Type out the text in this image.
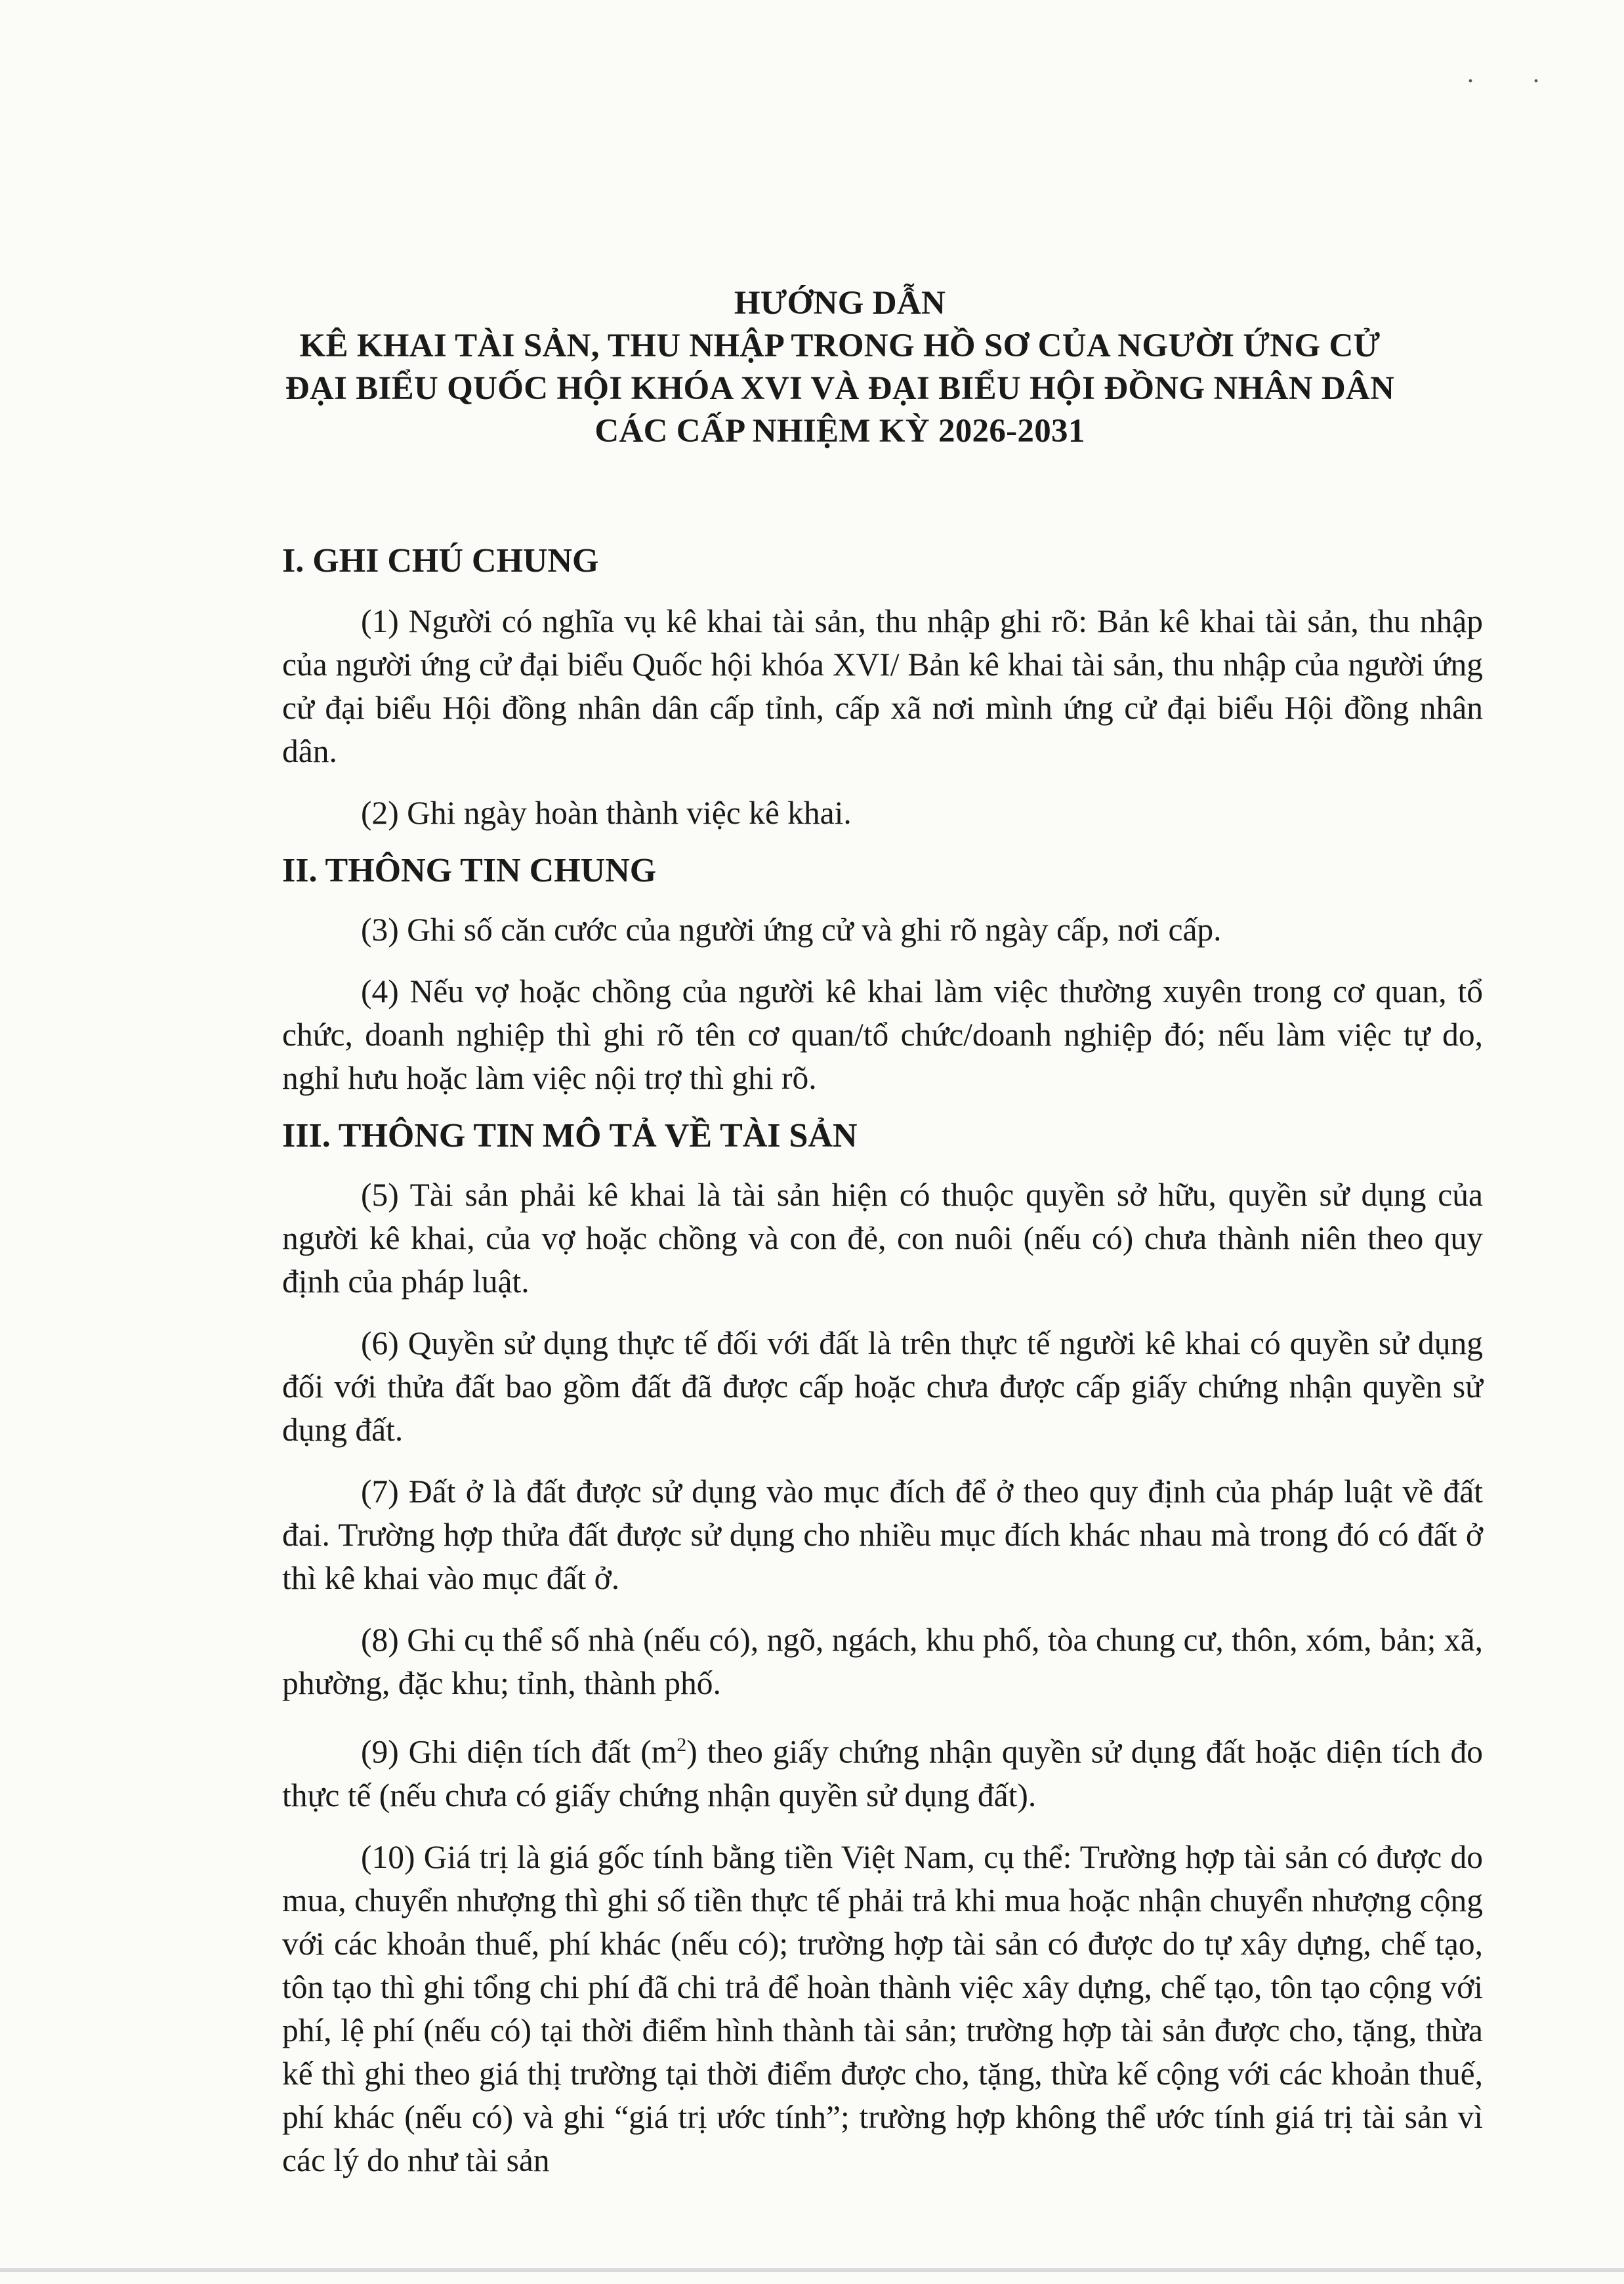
. .
HƯỚNG DẪN
KÊ KHAI TÀI SẢN, THU NHẬP TRONG HỒ SƠ CỦA NGƯỜI ỨNG CỬ
ĐẠI BIỂU QUỐC HỘI KHÓA XVI VÀ ĐẠI BIỂU HỘI ĐỒNG NHÂN DÂN
CÁC CẤP NHIỆM KỲ 2026-2031
I. GHI CHÚ CHUNG

(1) Người có nghĩa vụ kê khai tài sản, thu nhập ghi rõ: Bản kê khai tài sản, thu nhập của người ứng cử đại biểu Quốc hội khóa XVI/ Bản kê khai tài sản, thu nhập của người ứng cử đại biểu Hội đồng nhân dân cấp tỉnh, cấp xã nơi mình ứng cử đại biểu Hội đồng nhân dân.

(2) Ghi ngày hoàn thành việc kê khai.

II. THÔNG TIN CHUNG

(3) Ghi số căn cước của người ứng cử và ghi rõ ngày cấp, nơi cấp.

(4) Nếu vợ hoặc chồng của người kê khai làm việc thường xuyên trong cơ quan, tổ chức, doanh nghiệp thì ghi rõ tên cơ quan/tổ chức/doanh nghiệp đó; nếu làm việc tự do, nghỉ hưu hoặc làm việc nội trợ thì ghi rõ.

III. THÔNG TIN MÔ TẢ VỀ TÀI SẢN

(5) Tài sản phải kê khai là tài sản hiện có thuộc quyền sở hữu, quyền sử dụng của người kê khai, của vợ hoặc chồng và con đẻ, con nuôi (nếu có) chưa thành niên theo quy định của pháp luật.

(6) Quyền sử dụng thực tế đối với đất là trên thực tế người kê khai có quyền sử dụng đối với thửa đất bao gồm đất đã được cấp hoặc chưa được cấp giấy chứng nhận quyền sử dụng đất.

(7) Đất ở là đất được sử dụng vào mục đích để ở theo quy định của pháp luật về đất đai. Trường hợp thửa đất được sử dụng cho nhiều mục đích khác nhau mà trong đó có đất ở thì kê khai vào mục đất ở.

(8) Ghi cụ thể số nhà (nếu có), ngõ, ngách, khu phố, tòa chung cư, thôn, xóm, bản; xã, phường, đặc khu; tỉnh, thành phố.

(9) Ghi diện tích đất $(m^2)$ theo giấy chứng nhận quyền sử dụng đất hoặc diện tích đo thực tế (nếu chưa có giấy chứng nhận quyền sử dụng đất).

(10) Giá trị là giá gốc tính bằng tiền Việt Nam, cụ thể: Trường hợp tài sản có được do mua, chuyển nhượng thì ghi số tiền thực tế phải trả khi mua hoặc nhận chuyển nhượng cộng với các khoản thuế, phí khác (nếu có); trường hợp tài sản có được do tự xây dựng, chế tạo, tôn tạo thì ghi tổng chi phí đã chi trả để hoàn thành việc xây dựng, chế tạo, tôn tạo cộng với phí, lệ phí (nếu có) tại thời điểm hình thành tài sản; trường hợp tài sản được cho, tặng, thừa kế thì ghi theo giá thị trường tại thời điểm được cho, tặng, thừa kế cộng với các khoản thuế, phí khác (nếu có) và ghi “giá trị ước tính”; trường hợp không thể ước tính giá trị tài sản vì các lý do như tài sản
